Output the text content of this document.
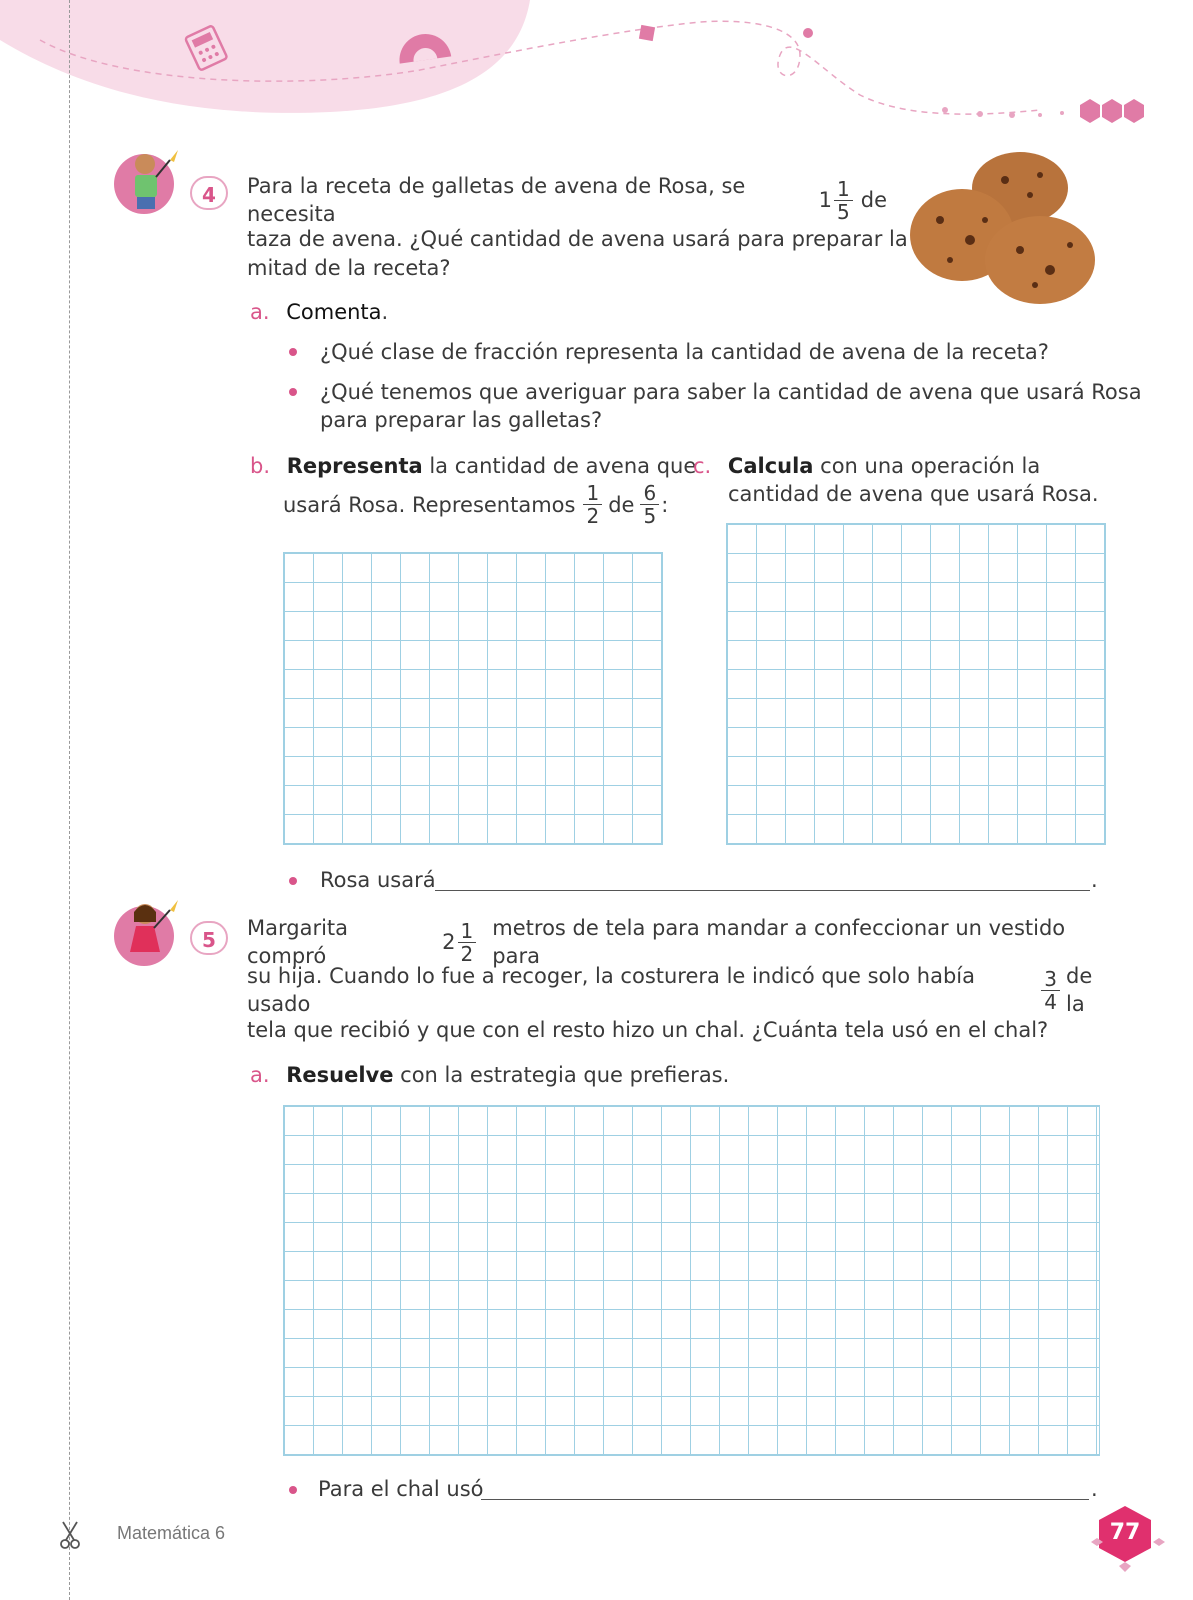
4	Para la receta de galletas de avena de Rosa, se necesita
$1 \frac{1}{5}$ de
taza de avena. ¿Qué cantidad de avena usará para preparar la
mitad de la receta?
a. Comenta.
¿Qué clase de fracción representa la cantidad de avena de la receta?
¿Qué tenemos que averiguar para saber la cantidad de avena que usará Rosa
para preparar las galletas?
b. Representa la cantidad de avena que
usará Rosa. Representamos $\frac{1}{2}$ de $\frac{6}{5}$ :
c. Calcula con una operación la
cantidad de avena que usará Rosa.
Rosa usará	.
5	Margarita compró
$2 \frac{1}{2}$ metros de tela para mandar a confeccionar un vestido para
su hija. Cuando lo fue a recoger, la costurera le indicó que solo había usado	$\frac{3}{4}$ de la
tela que recibió y que con el resto hizo un chal. ¿Cuánta tela usó en el chal?
a. Resuelve con la estrategia que prefieras.
Para el chal usó	.
Matemática 6	77
